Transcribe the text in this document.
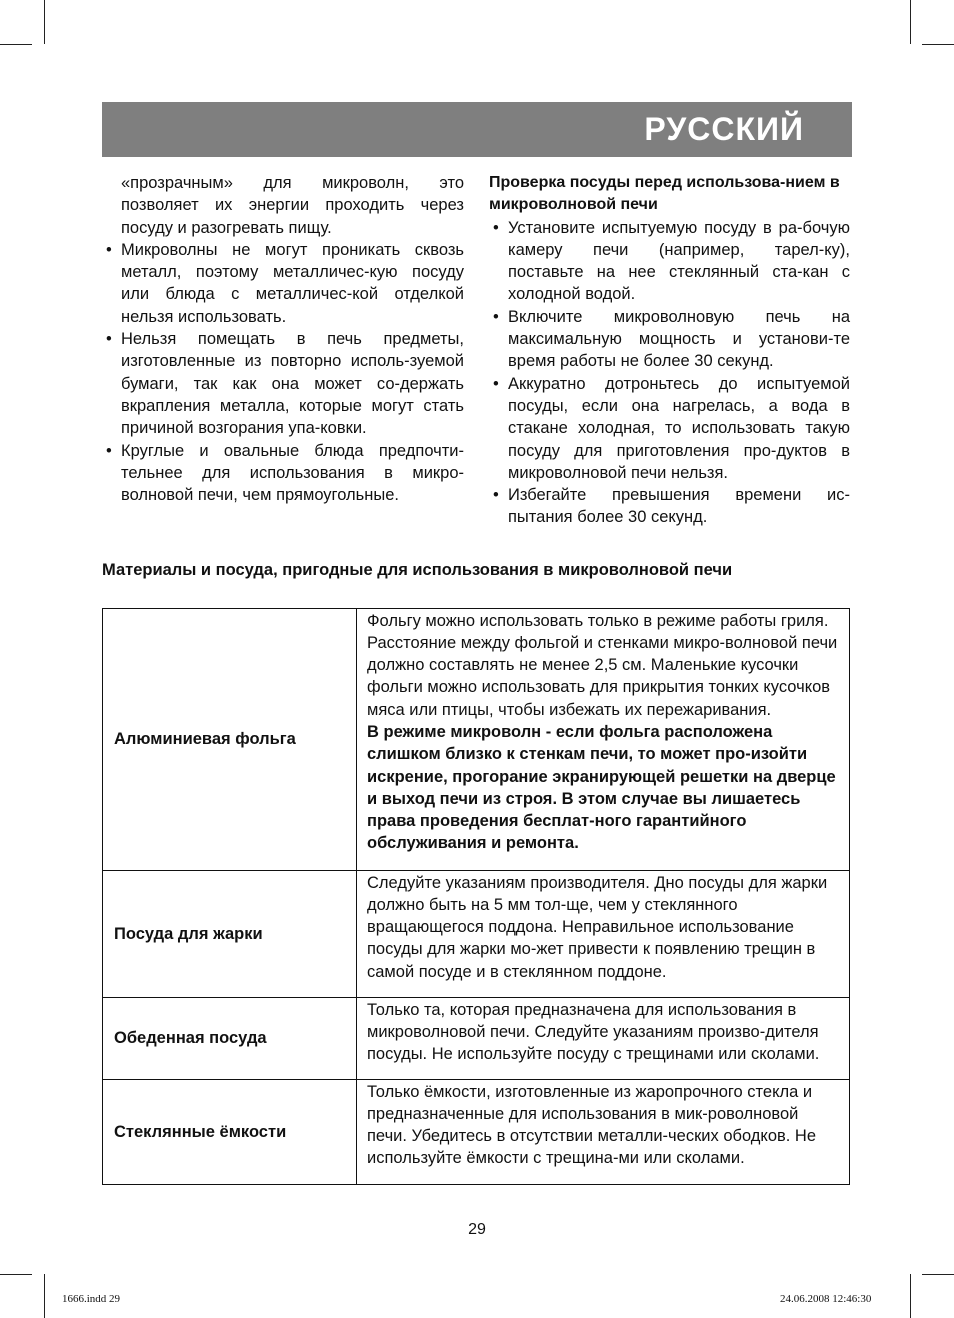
РУССКИЙ
«прозрачным» для микроволн, это позволяет их энергии проходить через посуду и разогревать пищу.
• Микроволны не могут проникать сквозь металл, поэтому металличес-кую посуду или блюда с металличес-кой отделкой нельзя использовать.
• Нельзя помещать в печь предметы, изготовленные из повторно исполь-зуемой бумаги, так как она может со-держать вкрапления металла, которые могут стать причиной возгорания упа-ковки.
• Круглые и овальные блюда предпочти-тельнее для использования в микро-волновой печи, чем прямоугольные.
Проверка посуды перед использова-нием в микроволновой печи
• Установите испытуемую посуду в ра-бочую камеру печи (например, тарел-ку), поставьте на нее стеклянный ста-кан с холодной водой.
• Включите микроволновую печь на максимальную мощность и установи-те время работы не более 30 секунд.
• Аккуратно дотроньтесь до испытуемой посуды, если она нагрелась, а вода в стакане холодная, то использовать такую посуду для приготовления про-дуктов в микроволновой печи нельзя.
• Избегайте превышения времени ис-пытания более 30 секунд.
Материалы и посуда, пригодные для использования в микроволновой печи
Алюминиевая фольга	Фольгу можно использовать только в режиме работы гриля. Расстояние между фольгой и стенками микро-волновой печи должно составлять не менее 2,5 см. Маленькие кусочки фольги можно использовать для прикрытия тонких кусочков мяса или птицы, чтобы избежать их пережаривания.
В режиме микроволн - если фольга расположена слишком близко к стенкам печи, то может про-изойти искрение, прогорание экранирующей решетки на дверце и выход печи из строя. В этом случае вы лишаетесь права проведения бесплат-ного гарантийного обслуживания и ремонта.

Посуда для жарки	Следуйте указаниям производителя. Дно посуды для жарки должно быть на 5 мм тол-ще, чем у стеклянного вращающегося поддона. Неправильное использование посуды для жарки мо-жет привести к появлению трещин в самой посуде и в стеклянном поддоне.

Обеденная посуда	Только та, которая предназначена для использования в микроволновой печи. Следуйте указаниям произво-дителя посуды. Не используйте посуду с трещинами или сколами.

Стеклянные ёмкости	Только ёмкости, изготовленные из жаропрочного стекла и предназначенные для использования в мик-роволновой печи. Убедитесь в отсутствии металли-ческих ободков. Не используйте ёмкости с трещина-ми или сколами.
29
1666.indd 29	24.06.2008 12:46:30
